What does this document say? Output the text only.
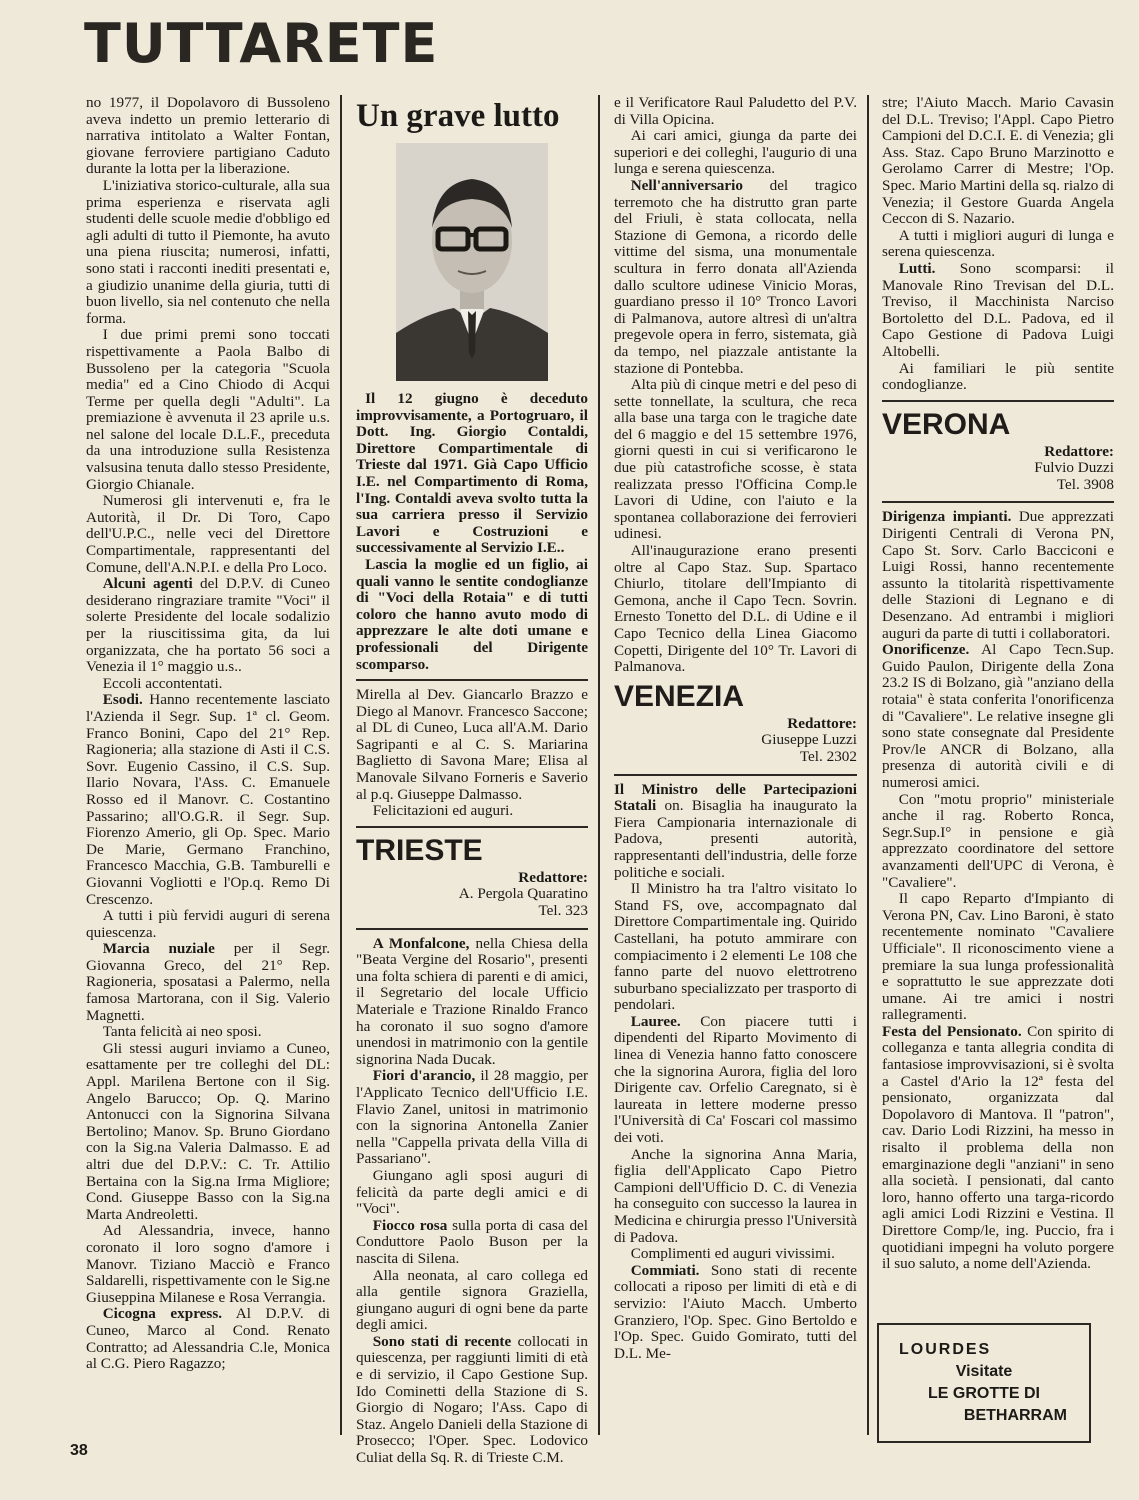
TUTTARETE

no 1977, il Dopolavoro di Bussoleno aveva indetto un premio letterario di narrativa intitolato a Walter Fontan, giovane ferroviere partigiano Caduto durante la lotta per la liberazione.

L'iniziativa storico-culturale, alla sua prima esperienza e riservata agli studenti delle scuole medie d'obbligo ed agli adulti di tutto il Piemonte, ha avuto una piena riuscita; numerosi, infatti, sono stati i racconti inediti presentati e, a giudizio unanime della giuria, tutti di buon livello, sia nel contenuto che nella forma.

I due primi premi sono toccati rispettivamente a Paola Balbo di Bussoleno per la categoria "Scuola media" ed a Cino Chiodo di Acqui Terme per quella degli "Adulti". La premiazione è avvenuta il 23 aprile u.s. nel salone del locale D.L.F., preceduta da una introduzione sulla Resistenza valsusina tenuta dallo stesso Presidente, Giorgio Chianale.

Numerosi gli intervenuti e, fra le Autorità, il Dr. Di Toro, Capo dell'U.P.C., nelle veci del Direttore Compartimentale, rappresentanti del Comune, dell'A.N.P.I. e della Pro Loco.

Alcuni agenti del D.P.V. di Cuneo desiderano ringraziare tramite "Voci" il solerte Presidente del locale sodalizio per la riuscitissima gita, da lui organizzata, che ha portato 56 soci a Venezia il 1° maggio u.s..

Eccoli accontentati.

Esodi. Hanno recentemente lasciato l'Azienda il Segr. Sup. 1ª cl. Geom. Franco Bonini, Capo del 21° Rep. Ragioneria; alla stazione di Asti il C.S. Sovr. Eugenio Cassino, il C.S. Sup. Ilario Novara, l'Ass. C. Emanuele Rosso ed il Manovr. C. Costantino Passarino; all'O.G.R. il Segr. Sup. Fiorenzo Amerio, gli Op. Spec. Mario De Marie, Germano Franchino, Francesco Macchia, G.B. Tamburelli e Giovanni Vogliotti e l'Op.q. Remo Di Crescenzo.

A tutti i più fervidi auguri di serena quiescenza.

Marcia nuziale per il Segr. Giovanna Greco, del 21° Rep. Ragioneria, sposatasi a Palermo, nella famosa Martorana, con il Sig. Valerio Magnetti.

Tanta felicità ai neo sposi.

Gli stessi auguri inviamo a Cuneo, esattamente per tre colleghi del DL: Appl. Marilena Bertone con il Sig. Angelo Barucco; Op. Q. Marino Antonucci con la Signorina Silvana Bertolino; Manov. Sp. Bruno Giordano con la Sig.na Valeria Dalmasso. E ad altri due del D.P.V.: C. Tr. Attilio Bertaina con la Sig.na Irma Migliore; Cond. Giuseppe Basso con la Sig.na Marta Andreoletti.

Ad Alessandria, invece, hanno coronato il loro sogno d'amore i Manovr. Tiziano Macciò e Franco Saldarelli, rispettivamente con le Sig.ne Giuseppina Milanese e Rosa Verrangia.

Cicogna express. Al D.P.V. di Cuneo, Marco al Cond. Renato Contratto; ad Alessandria C.le, Monica al C.G. Piero Ragazzo;

Un grave lutto

Il 12 giugno è deceduto improvvisamente, a Portogruaro, il Dott. Ing. Giorgio Contaldi, Direttore Compartimentale di Trieste dal 1971. Già Capo Ufficio I.E. nel Compartimento di Roma, l'Ing. Contaldi aveva svolto tutta la sua carriera presso il Servizio Lavori e Costruzioni e successivamente al Servizio I.E..

Lascia la moglie ed un figlio, ai quali vanno le sentite condoglianze di "Voci della Rotaia" e di tutti coloro che hanno avuto modo di apprezzare le alte doti umane e professionali del Dirigente scomparso.

Mirella al Dev. Giancarlo Brazzo e Diego al Manovr. Francesco Saccone; al DL di Cuneo, Luca all'A.M. Dario Sagripanti e al C. S. Mariarina Baglietto di Savona Mare; Elisa al Manovale Silvano Forneris e Saverio al p.q. Giuseppe Dalmasso.

Felicitazioni ed auguri.

TRIESTE
Redattore:
A. Pergola Quaratino
Tel. 323

A Monfalcone, nella Chiesa della "Beata Vergine del Rosario", presenti una folta schiera di parenti e di amici, il Segretario del locale Ufficio Materiale e Trazione Rinaldo Franco ha coronato il suo sogno d'amore unendosi in matrimonio con la gentile signorina Nada Ducak.

Fiori d'arancio, il 28 maggio, per l'Applicato Tecnico dell'Ufficio I.E. Flavio Zanel, unitosi in matrimonio con la signorina Antonella Zanier nella "Cappella privata della Villa di Passariano".

Giungano agli sposi auguri di felicità da parte degli amici e di "Voci".

Fiocco rosa sulla porta di casa del Conduttore Paolo Buson per la nascita di Silena.

Alla neonata, al caro collega ed alla gentile signora Graziella, giungano auguri di ogni bene da parte degli amici.

Sono stati di recente collocati in quiescenza, per raggiunti limiti di età e di servizio, il Capo Gestione Sup. Ido Cominetti della Stazione di S. Giorgio di Nogaro; l'Ass. Capo di Staz. Angelo Danieli della Stazione di Prosecco; l'Oper. Spec. Lodovico Culiat della Sq. R. di Trieste C.M.

e il Verificatore Raul Paludetto del P.V. di Villa Opicina.

Ai cari amici, giunga da parte dei superiori e dei colleghi, l'augurio di una lunga e serena quiescenza.

Nell'anniversario del tragico terremoto che ha distrutto gran parte del Friuli, è stata collocata, nella Stazione di Gemona, a ricordo delle vittime del sisma, una monumentale scultura in ferro donata all'Azienda dallo scultore udinese Vinicio Moras, guardiano presso il 10° Tronco Lavori di Palmanova, autore altresì di un'altra pregevole opera in ferro, sistemata, già da tempo, nel piazzale antistante la stazione di Pontebba.

Alta più di cinque metri e del peso di sette tonnellate, la scultura, che reca alla base una targa con le tragiche date del 6 maggio e del 15 settembre 1976, giorni questi in cui si verificarono le due più catastrofiche scosse, è stata realizzata presso l'Officina Comp.le Lavori di Udine, con l'aiuto e la spontanea collaborazione dei ferrovieri udinesi.

All'inaugurazione erano presenti oltre al Capo Staz. Sup. Spartaco Chiurlo, titolare dell'Impianto di Gemona, anche il Capo Tecn. Sovrin. Ernesto Tonetto del D.L. di Udine e il Capo Tecnico della Linea Giacomo Copetti, Dirigente del 10° Tr. Lavori di Palmanova.

VENEZIA
Redattore:
Giuseppe Luzzi
Tel. 2302

Il Ministro delle Partecipazioni Statali on. Bisaglia ha inaugurato la Fiera Campionaria internazionale di Padova, presenti autorità, rappresentanti dell'industria, delle forze politiche e sociali.

Il Ministro ha tra l'altro visitato lo Stand FS, ove, accompagnato dal Direttore Compartimentale ing. Quirido Castellani, ha potuto ammirare con compiacimento i 2 elementi Le 108 che fanno parte del nuovo elettrotreno suburbano specializzato per trasporto di pendolari.

Lauree. Con piacere tutti i dipendenti del Riparto Movimento di linea di Venezia hanno fatto conoscere che la signorina Aurora, figlia del loro Dirigente cav. Orfelio Caregnato, si è laureata in lettere moderne presso l'Università di Ca' Foscari col massimo dei voti.

Anche la signorina Anna Maria, figlia dell'Applicato Capo Pietro Campioni dell'Ufficio D. C. di Venezia ha conseguito con successo la laurea in Medicina e chirurgia presso l'Università di Padova.

Complimenti ed auguri vivissimi.

Commiati. Sono stati di recente collocati a riposo per limiti di età e di servizio: l'Aiuto Macch. Umberto Granziero, l'Op. Spec. Gino Bertoldo e l'Op. Spec. Guido Gomirato, tutti del D.L. Me-

stre; l'Aiuto Macch. Mario Cavasin del D.L. Treviso; l'Appl. Capo Pietro Campioni del D.C.I. E. di Venezia; gli Ass. Staz. Capo Bruno Marzinotto e Gerolamo Carrer di Mestre; l'Op. Spec. Mario Martini della sq. rialzo di Venezia; il Gestore Guarda Angela Ceccon di S. Nazario.

A tutti i migliori auguri di lunga e serena quiescenza.

Lutti. Sono scomparsi: il Manovale Rino Trevisan del D.L. Treviso, il Macchinista Narciso Bortoletto del D.L. Padova, ed il Capo Gestione di Padova Luigi Altobelli.

Ai familiari le più sentite condoglianze.

VERONA
Redattore:
Fulvio Duzzi
Tel. 3908

Dirigenza impianti. Due apprezzati Dirigenti Centrali di Verona PN, Capo St. Sorv. Carlo Bacciconi e Luigi Rossi, hanno recentemente assunto la titolarità rispettivamente delle Stazioni di Legnano e di Desenzano. Ad entrambi i migliori auguri da parte di tutti i collaboratori.

Onorificenze. Al Capo Tecn.Sup. Guido Paulon, Dirigente della Zona 23.2 IS di Bolzano, già "anziano della rotaia" è stata conferita l'onorificenza di "Cavaliere". Le relative insegne gli sono state consegnate dal Presidente Prov/le ANCR di Bolzano, alla presenza di autorità civili e di numerosi amici.

Con "motu proprio" ministeriale anche il rag. Roberto Ronca, Segr.Sup.I° in pensione e già apprezzato coordinatore del settore avanzamenti dell'UPC di Verona, è "Cavaliere".

Il capo Reparto d'Impianto di Verona PN, Cav. Lino Baroni, è stato recentemente nominato "Cavaliere Ufficiale". Il riconoscimento viene a premiare la sua lunga professionalità e soprattutto le sue apprezzate doti umane. Ai tre amici i nostri rallegramenti.

Festa del Pensionato. Con spirito di colleganza e tanta allegria condita di fantasiose improvvisazioni, si è svolta a Castel d'Ario la 12ª festa del pensionato, organizzata dal Dopolavoro di Mantova. Il "patron", cav. Dario Lodi Rizzini, ha messo in risalto il problema della non emarginazione degli "anziani" in seno alla società. I pensionati, dal canto loro, hanno offerto una targa-ricordo agli amici Lodi Rizzini e Vestina. Il Direttore Comp/le, ing. Puccio, fra i quotidiani impegni ha voluto porgere il suo saluto, a nome dell'Azienda.

LOURDES
Visitate
LE GROTTE DI
BETHARRAM
38
